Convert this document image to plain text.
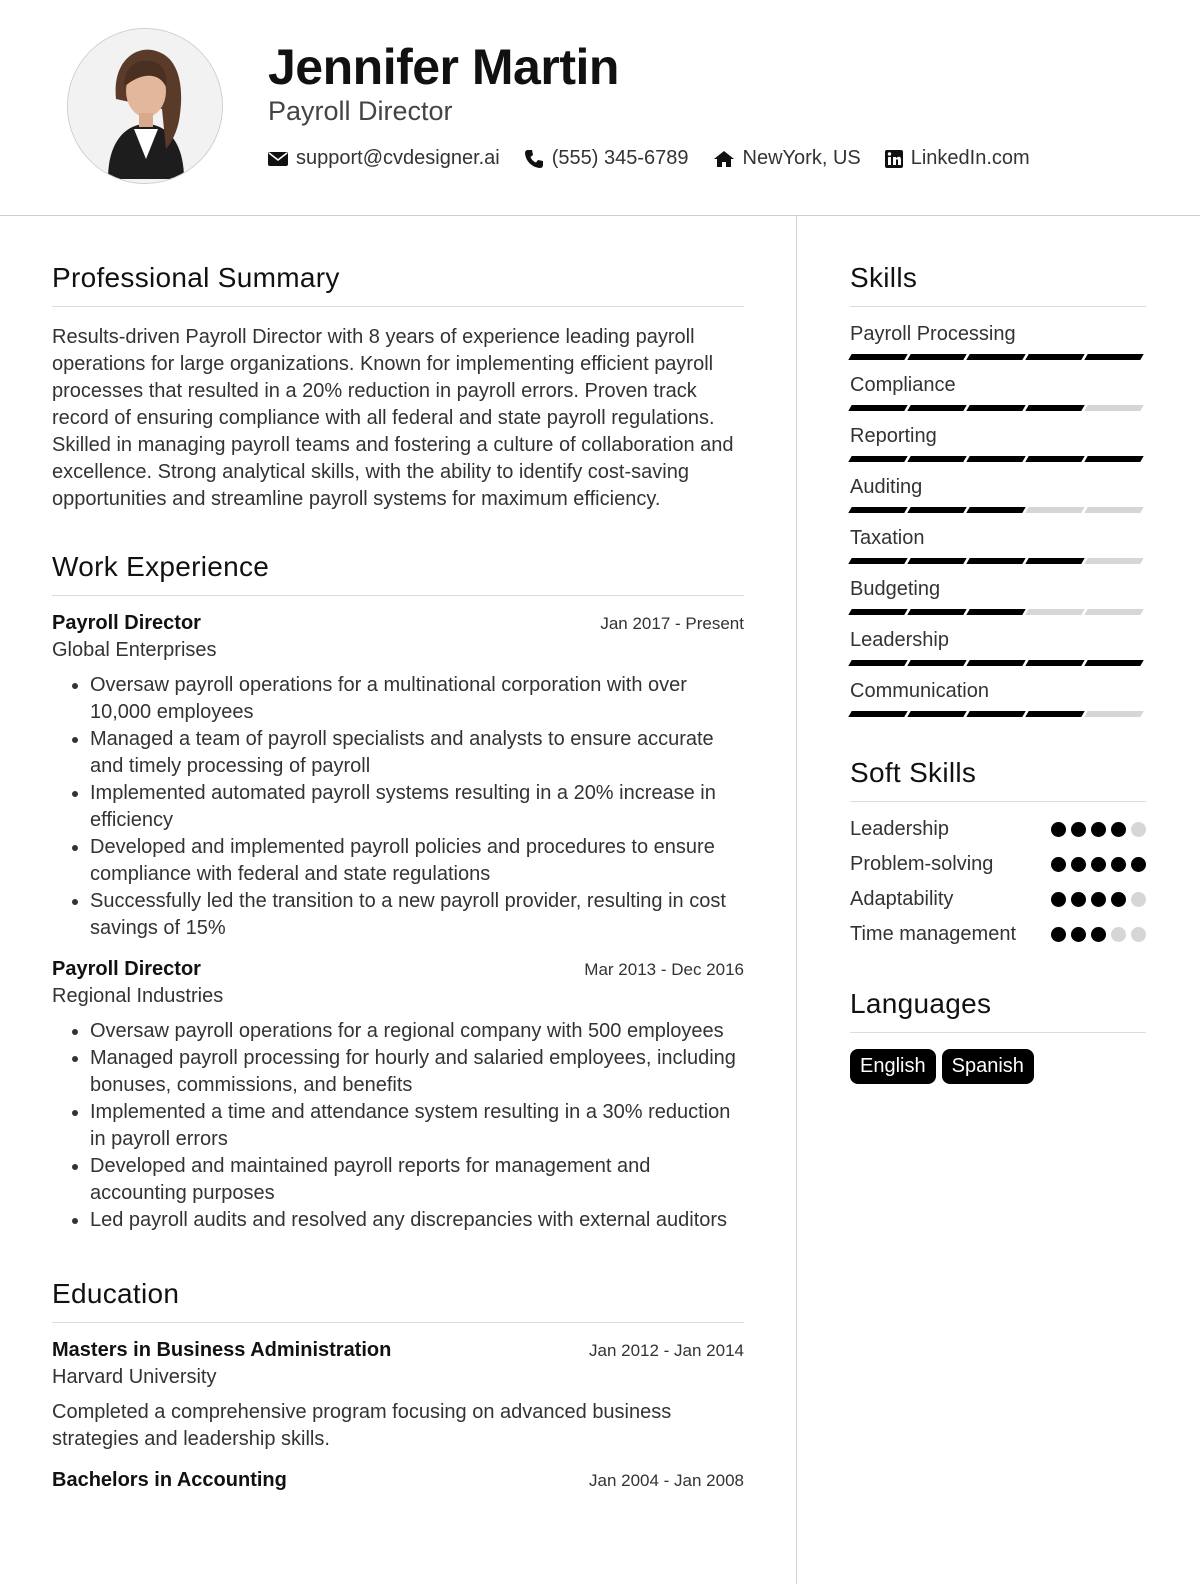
Jennifer Martin
Payroll Director
support@cvdesigner.ai	(555) 345-6789	NewYork, US	LinkedIn.com
Professional Summary
Results-driven Payroll Director with 8 years of experience leading payroll operations for large organizations. Known for implementing efficient payroll processes that resulted in a 20% reduction in payroll errors. Proven track record of ensuring compliance with all federal and state payroll regulations. Skilled in managing payroll teams and fostering a culture of collaboration and excellence. Strong analytical skills, with the ability to identify cost-saving opportunities and streamline payroll systems for maximum efficiency.
Work Experience
Payroll Director	Jan 2017 - Present
Global Enterprises
• Oversaw payroll operations for a multinational corporation with over 10,000 employees
• Managed a team of payroll specialists and analysts to ensure accurate and timely processing of payroll
• Implemented automated payroll systems resulting in a 20% increase in efficiency
• Developed and implemented payroll policies and procedures to ensure compliance with federal and state regulations
• Successfully led the transition to a new payroll provider, resulting in cost savings of 15%
Payroll Director	Mar 2013 - Dec 2016
Regional Industries
• Oversaw payroll operations for a regional company with 500 employees
• Managed payroll processing for hourly and salaried employees, including bonuses, commissions, and benefits
• Implemented a time and attendance system resulting in a 30% reduction in payroll errors
• Developed and maintained payroll reports for management and accounting purposes
• Led payroll audits and resolved any discrepancies with external auditors
Education
Masters in Business Administration	Jan 2012 - Jan 2014
Harvard University
Completed a comprehensive program focusing on advanced business strategies and leadership skills.
Bachelors in Accounting	Jan 2004 - Jan 2008
Skills
Payroll Processing
Compliance
Reporting
Auditing
Taxation
Budgeting
Leadership
Communication
Soft Skills
Leadership
Problem-solving
Adaptability
Time management
Languages
English	Spanish
